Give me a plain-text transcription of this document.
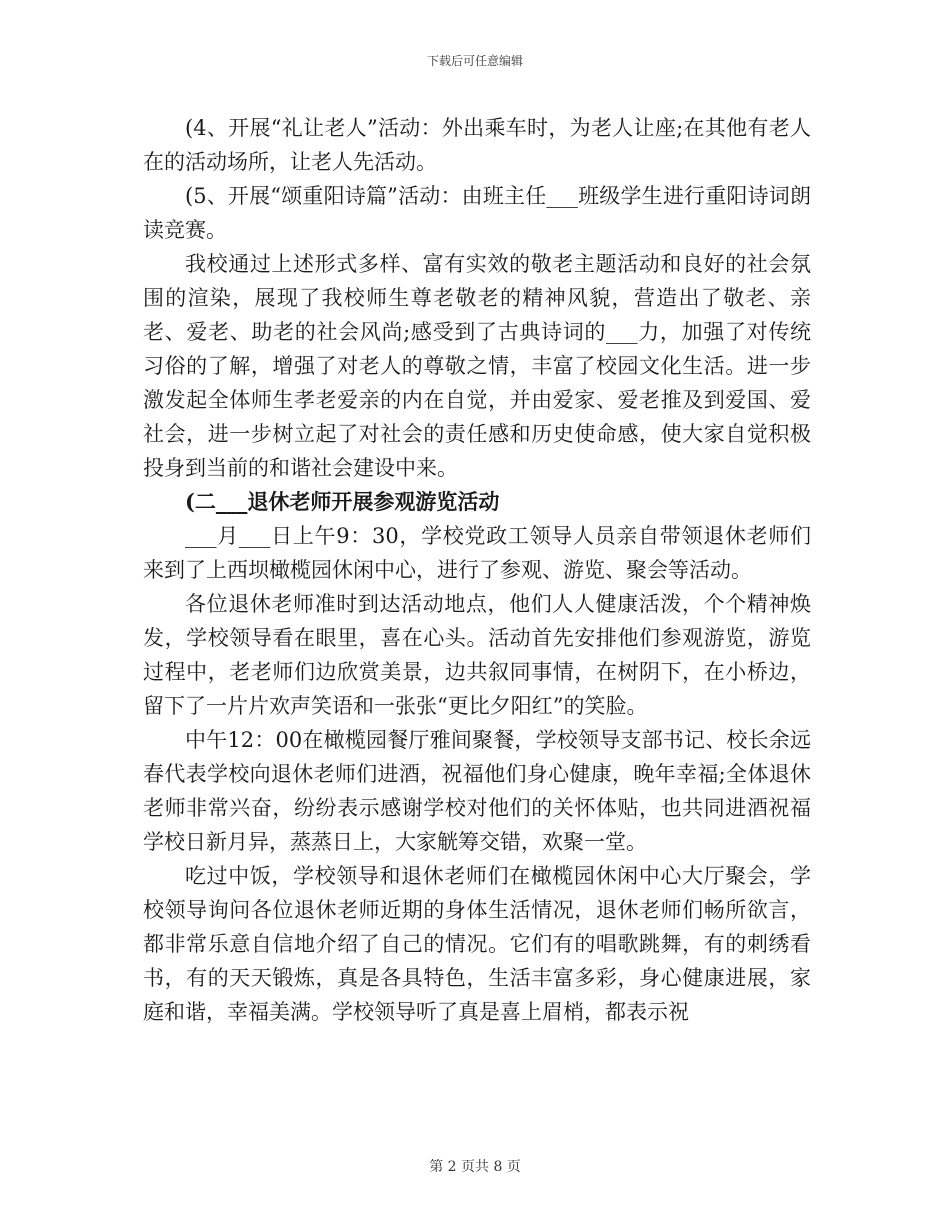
下载后可任意编辑

(4、开展“礼让老人”活动：外出乘车时，为老人让座;在其他有老人在的活动场所，让老人先活动。

(5、开展“颂重阳诗篇”活动：由班主任___班级学生进行重阳诗词朗读竞赛。

我校通过上述形式多样、富有实效的敬老主题活动和良好的社会氛围的渲染，展现了我校师生尊老敬老的精神风貌，营造出了敬老、亲老、爱老、助老的社会风尚;感受到了古典诗词的___力，加强了对传统习俗的了解，增强了对老人的尊敬之情，丰富了校园文化生活。进一步激发起全体师生孝老爱亲的内在自觉，并由爱家、爱老推及到爱国、爱社会，进一步树立起了对社会的责任感和历史使命感，使大家自觉积极投身到当前的和谐社会建设中来。

(二___退休老师开展参观游览活动

___月___日上午9：30，学校党政工领导人员亲自带领退休老师们来到了上西坝橄榄园休闲中心，进行了参观、游览、聚会等活动。

各位退休老师准时到达活动地点，他们人人健康活泼，个个精神焕发，学校领导看在眼里，喜在心头。活动首先安排他们参观游览，游览过程中，老老师们边欣赏美景，边共叙同事情，在树阴下，在小桥边，留下了一片片欢声笑语和一张张“更比夕阳红”的笑脸。

中午12：00在橄榄园餐厅雅间聚餐，学校领导支部书记、校长余远春代表学校向退休老师们进酒，祝福他们身心健康，晚年幸福;全体退休老师非常兴奋，纷纷表示感谢学校对他们的关怀体贴，也共同进酒祝福学校日新月异，蒸蒸日上，大家觥筹交错，欢聚一堂。

吃过中饭，学校领导和退休老师们在橄榄园休闲中心大厅聚会，学校领导询问各位退休老师近期的身体生活情况，退休老师们畅所欲言，都非常乐意自信地介绍了自己的情况。它们有的唱歌跳舞，有的刺绣看书，有的天天锻炼，真是各具特色，生活丰富多彩，身心健康进展，家庭和谐，幸福美满。学校领导听了真是喜上眉梢，都表示祝

第 2 页共 8 页
